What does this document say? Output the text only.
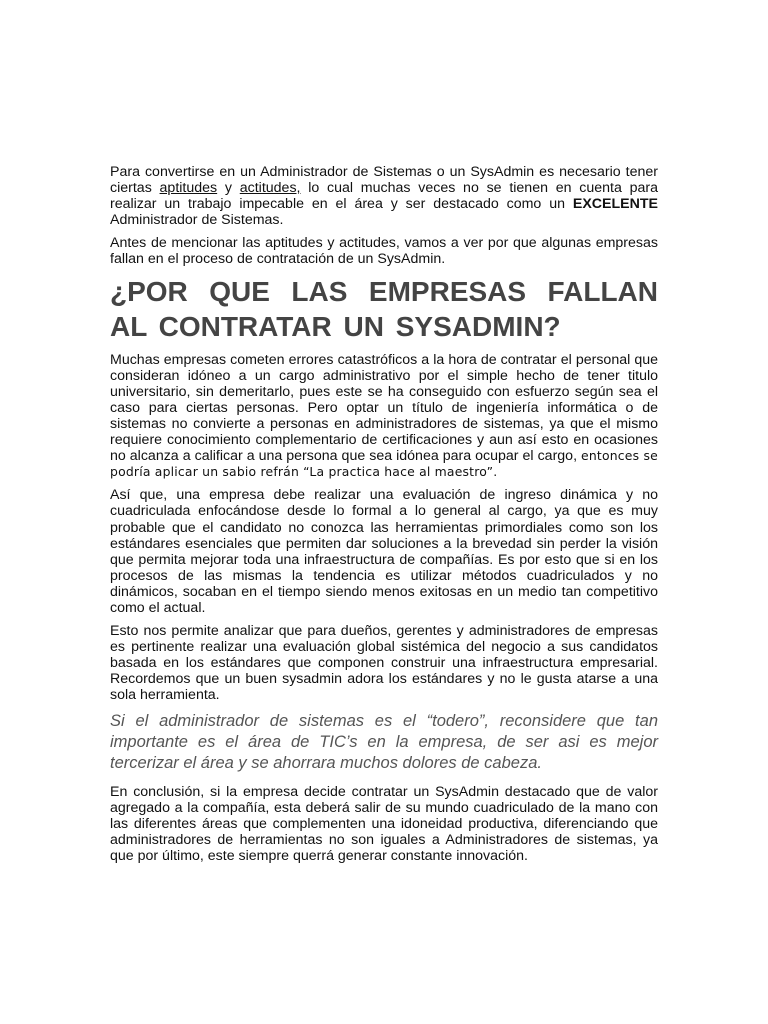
Para convertirse en un Administrador de Sistemas o un SysAdmin es necesario tener ciertas aptitudes y actitudes, lo cual muchas veces no se tienen en cuenta para realizar un trabajo impecable en el área y ser destacado como un EXCELENTE Administrador de Sistemas.

Antes de mencionar las aptitudes y actitudes, vamos a ver por que algunas empresas fallan en el proceso de contratación de un SysAdmin.

¿POR QUE LAS EMPRESAS FALLAN AL CONTRATAR UN SYSADMIN?

Muchas empresas cometen errores catastróficos a la hora de contratar el personal que consideran idóneo a un cargo administrativo por el simple hecho de tener titulo universitario, sin demeritarlo, pues este se ha conseguido con esfuerzo según sea el caso para ciertas personas. Pero optar un título de ingeniería informática o de sistemas no convierte a personas en administradores de sistemas, ya que el mismo requiere conocimiento complementario de certificaciones y aun así esto en ocasiones no alcanza a calificar a una persona que sea idónea para ocupar el cargo, entonces se podría aplicar un sabio refrán “La practica hace al maestro”.

Así que, una empresa debe realizar una evaluación de ingreso dinámica y no cuadriculada enfocándose desde lo formal a lo general al cargo, ya que es muy probable que el candidato no conozca las herramientas primordiales como son los estándares esenciales que permiten dar soluciones a la brevedad sin perder la visión que permita mejorar toda una infraestructura de compañías. Es por esto que si en los procesos de las mismas la tendencia es utilizar métodos cuadriculados y no dinámicos, socaban en el tiempo siendo menos exitosas en un medio tan competitivo como el actual.

Esto nos permite analizar que para dueños, gerentes y administradores de empresas es pertinente realizar una evaluación global sistémica del negocio a sus candidatos basada en los estándares que componen construir una infraestructura empresarial. Recordemos que un buen sysadmin adora los estándares y no le gusta atarse a una sola herramienta.

Si el administrador de sistemas es el “todero”, reconsidere que tan importante es el área de TIC’s en la empresa, de ser asi es mejor tercerizar el área y se ahorrara muchos dolores de cabeza.

En conclusión, si la empresa decide contratar un SysAdmin destacado que de valor agregado a la compañía, esta deberá salir de su mundo cuadriculado de la mano con las diferentes áreas que complementen una idoneidad productiva, diferenciando que administradores de herramientas no son iguales a Administradores de sistemas, ya que por último, este siempre querrá generar constante innovación.
